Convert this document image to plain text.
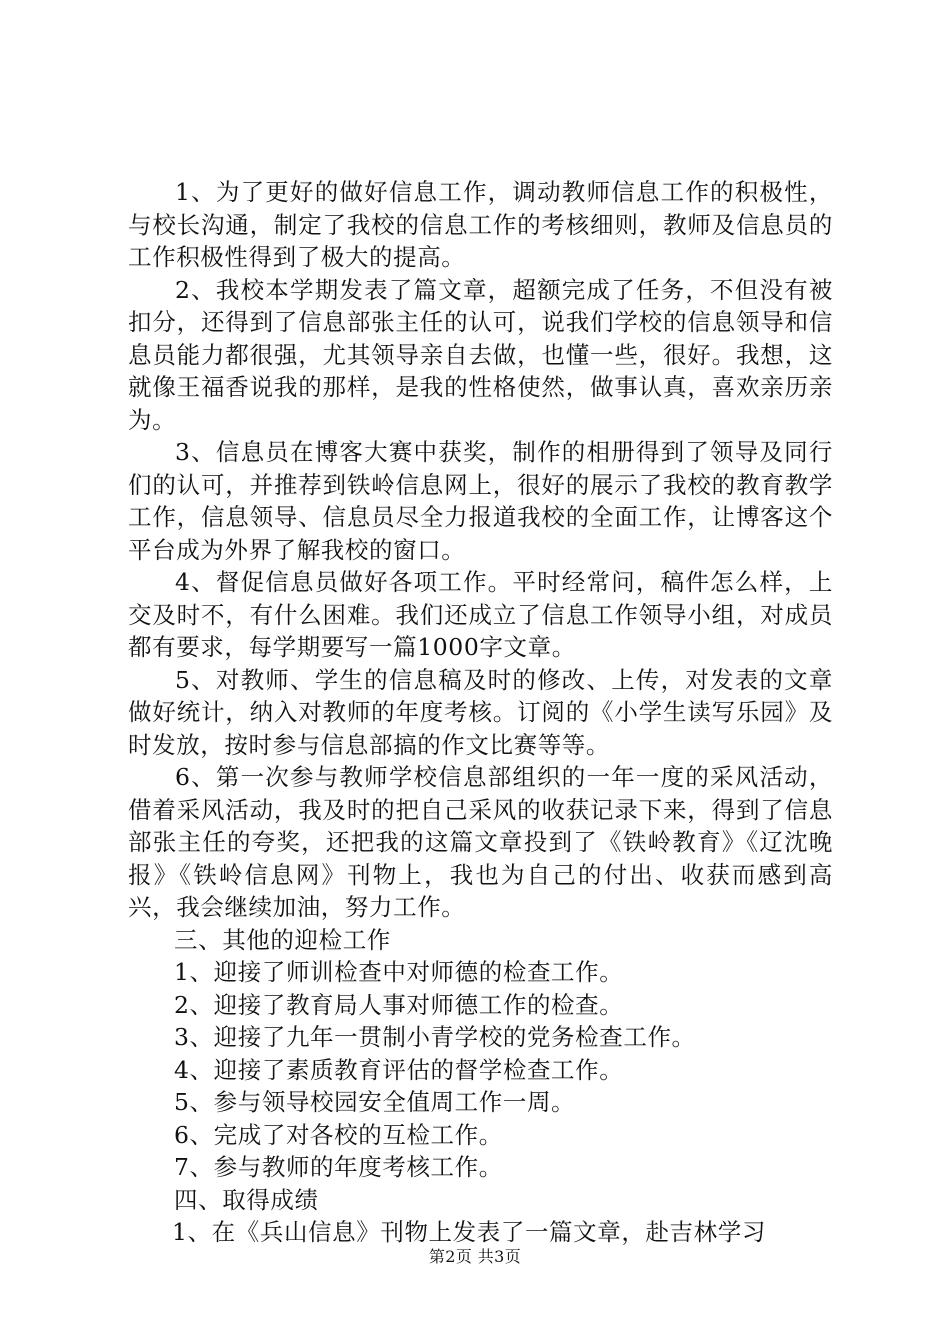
1、为了更好的做好信息工作，调动教师信息工作的积极性，与校长沟通，制定了我校的信息工作的考核细则，教师及信息员的工作积极性得到了极大的提高。

2、我校本学期发表了篇文章，超额完成了任务，不但没有被扣分，还得到了信息部张主任的认可，说我们学校的信息领导和信息员能力都很强，尤其领导亲自去做，也懂一些，很好。我想，这就像王福香说我的那样，是我的性格使然，做事认真，喜欢亲历亲为。

3、信息员在博客大赛中获奖，制作的相册得到了领导及同行们的认可，并推荐到铁岭信息网上，很好的展示了我校的教育教学工作，信息领导、信息员尽全力报道我校的全面工作，让博客这个平台成为外界了解我校的窗口。

4、督促信息员做好各项工作。平时经常问，稿件怎么样，上交及时不，有什么困难。我们还成立了信息工作领导小组，对成员都有要求，每学期要写一篇1000字文章。

5、对教师、学生的信息稿及时的修改、上传，对发表的文章做好统计，纳入对教师的年度考核。订阅的《小学生读写乐园》及时发放，按时参与信息部搞的作文比赛等等。

6、第一次参与教师学校信息部组织的一年一度的采风活动，借着采风活动，我及时的把自己采风的收获记录下来，得到了信息部张主任的夸奖，还把我的这篇文章投到了《铁岭教育》《辽沈晚报》《铁岭信息网》刊物上，我也为自己的付出、收获而感到高兴，我会继续加油，努力工作。

三、其他的迎检工作

1、迎接了师训检查中对师德的检查工作。

2、迎接了教育局人事对师德工作的检查。

3、迎接了九年一贯制小青学校的党务检查工作。

4、迎接了素质教育评估的督学检查工作。

5、参与领导校园安全值周工作一周。

6、完成了对各校的互检工作。

7、参与教师的年度考核工作。

四、取得成绩

1、在《兵山信息》刊物上发表了一篇文章，赴吉林学习

第2页 共3页
